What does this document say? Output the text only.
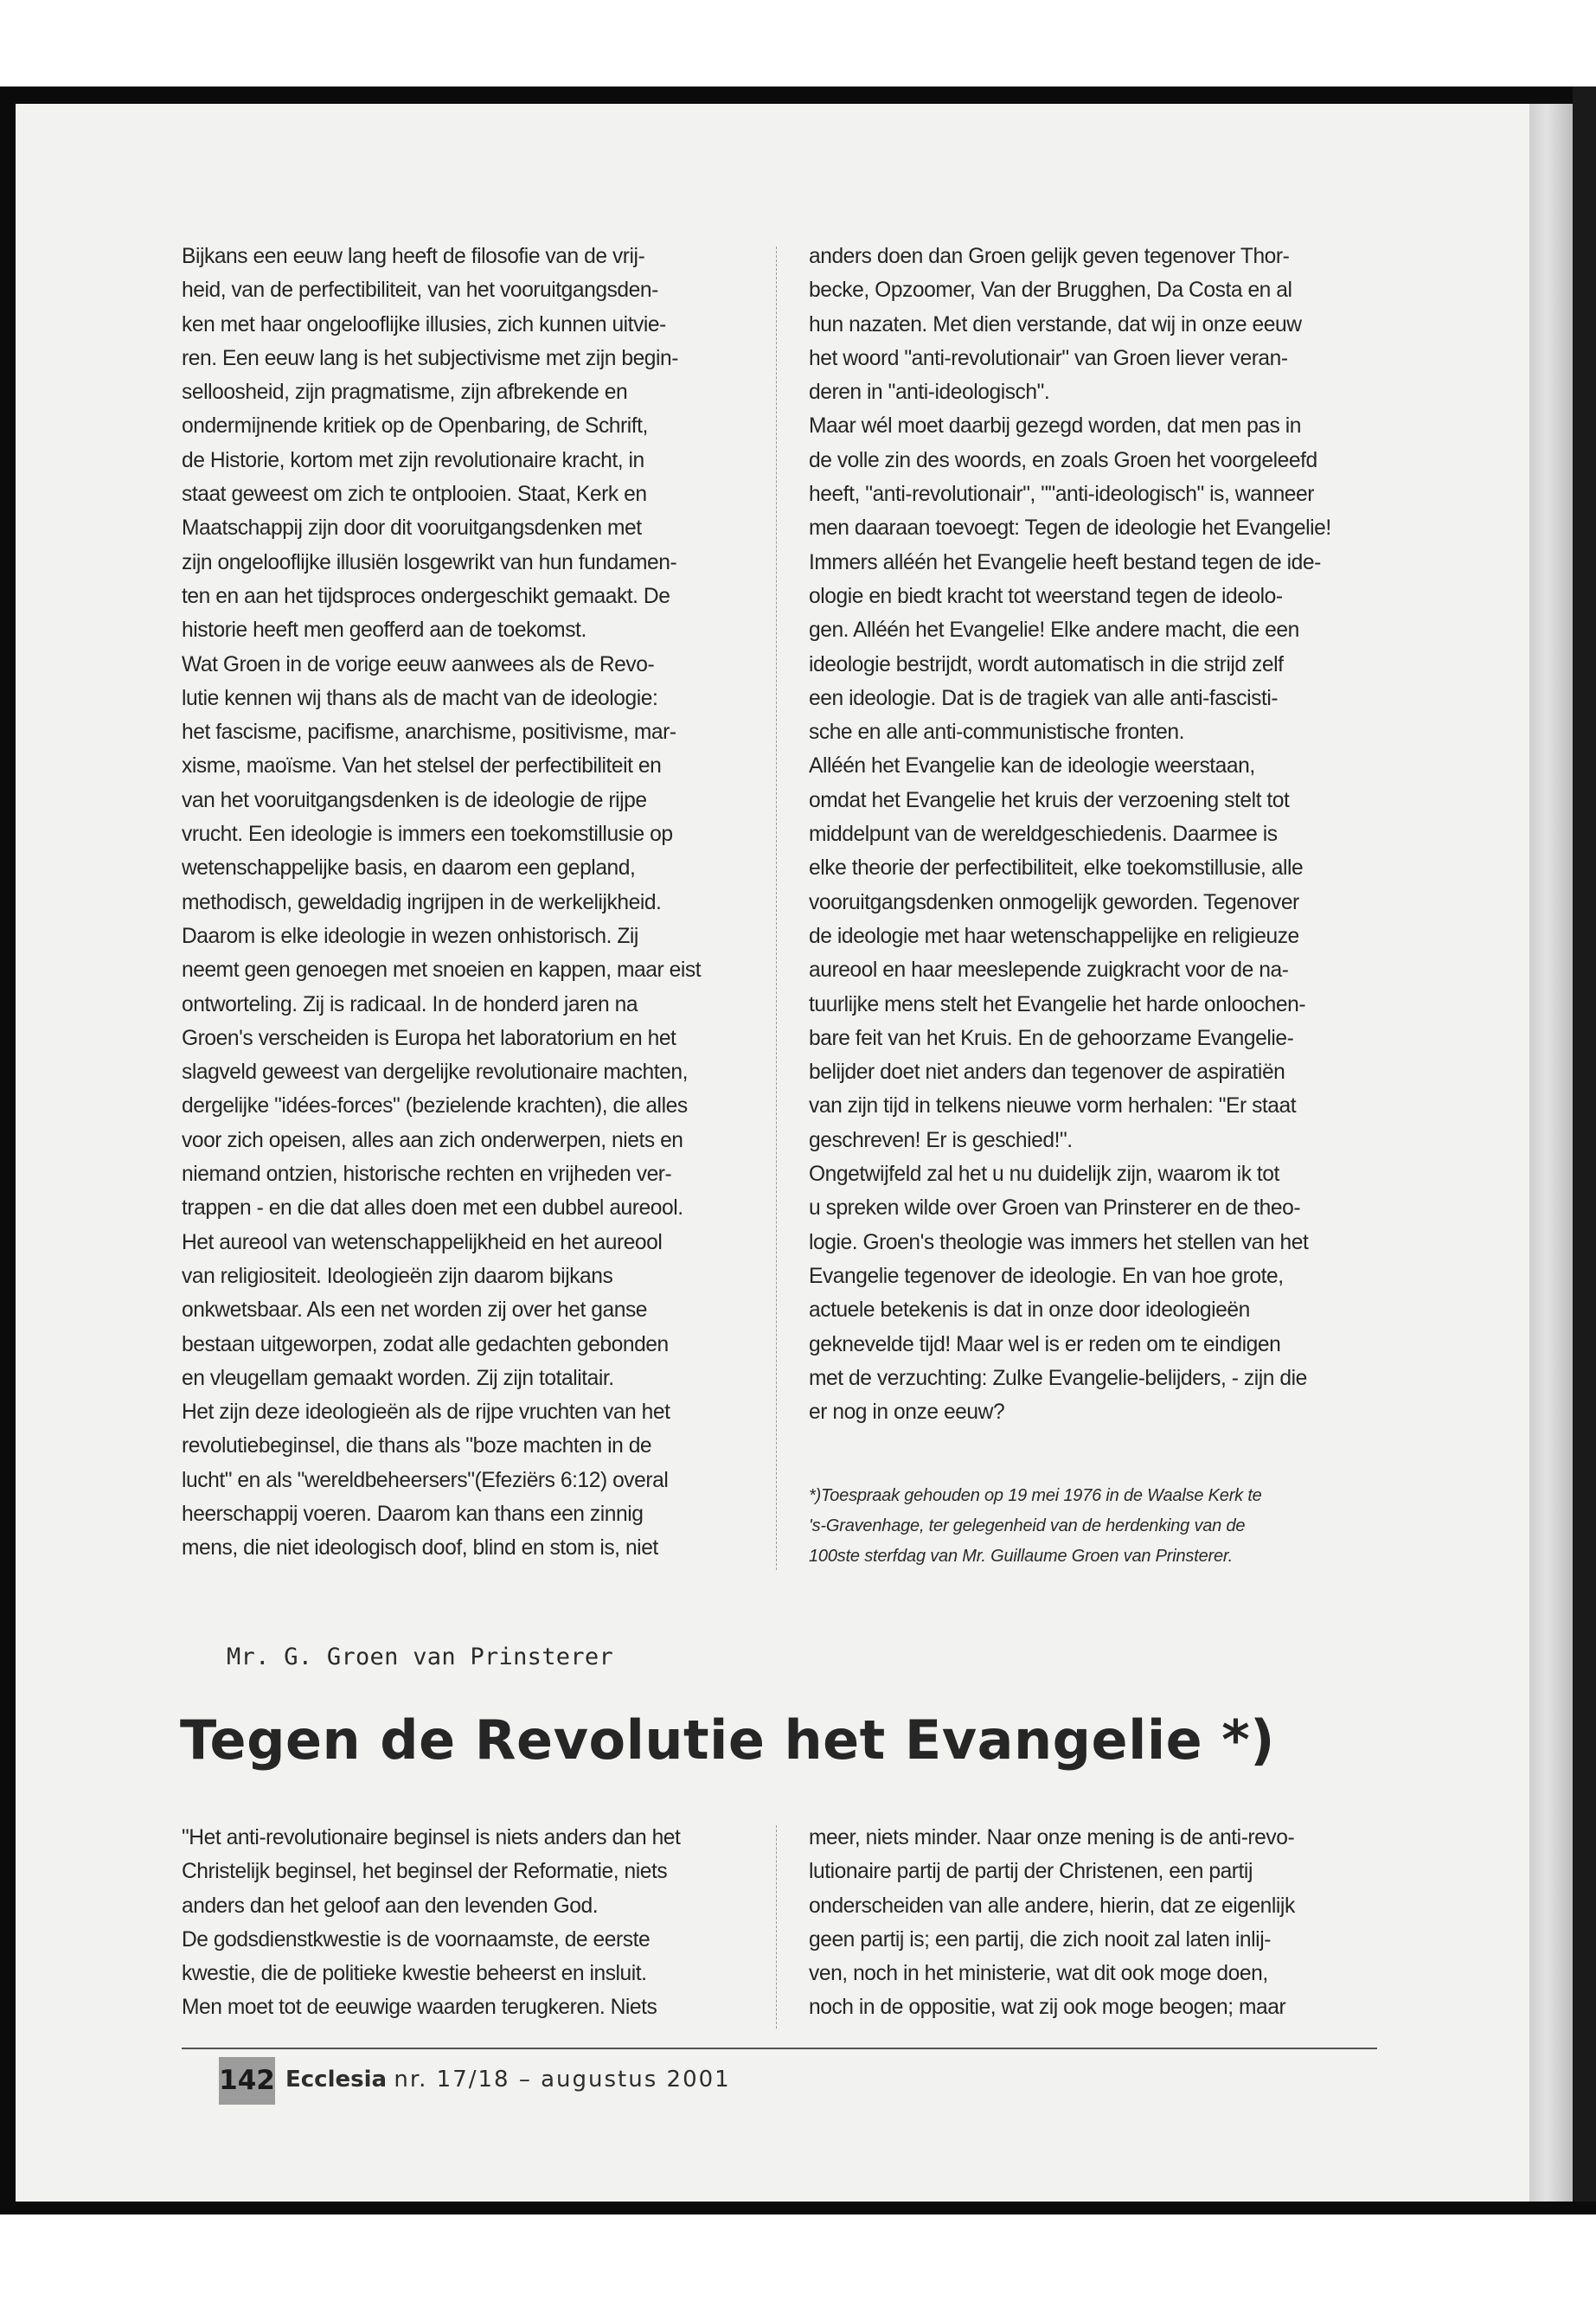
Bijkans een eeuw lang heeft de filosofie van de vrij-
heid, van de perfectibiliteit, van het vooruitgangsden-
ken met haar ongelooflijke illusies, zich kunnen uitvie-
ren. Een eeuw lang is het subjectivisme met zijn begin-
selloosheid, zijn pragmatisme, zijn afbrekende en
ondermijnende kritiek op de Openbaring, de Schrift,
de Historie, kortom met zijn revolutionaire kracht, in
staat geweest om zich te ontplooien. Staat, Kerk en
Maatschappij zijn door dit vooruitgangsdenken met
zijn ongelooflijke illusiën losgewrikt van hun fundamen-
ten en aan het tijdsproces ondergeschikt gemaakt. De
historie heeft men geofferd aan de toekomst.
Wat Groen in de vorige eeuw aanwees als de Revo-
lutie kennen wij thans als de macht van de ideologie:
het fascisme, pacifisme, anarchisme, positivisme, mar-
xisme, maoïsme. Van het stelsel der perfectibiliteit en
van het vooruitgangsdenken is de ideologie de rijpe
vrucht. Een ideologie is immers een toekomstillusie op
wetenschappelijke basis, en daarom een gepland,
methodisch, geweldadig ingrijpen in de werkelijkheid.
Daarom is elke ideologie in wezen onhistorisch. Zij
neemt geen genoegen met snoeien en kappen, maar eist
ontworteling. Zij is radicaal. In de honderd jaren na
Groen's verscheiden is Europa het laboratorium en het
slagveld geweest van dergelijke revolutionaire machten,
dergelijke "idées-forces" (bezielende krachten), die alles
voor zich opeisen, alles aan zich onderwerpen, niets en
niemand ontzien, historische rechten en vrijheden ver-
trappen - en die dat alles doen met een dubbel aureool.
Het aureool van wetenschappelijkheid en het aureool
van religiositeit. Ideologieën zijn daarom bijkans
onkwetsbaar. Als een net worden zij over het ganse
bestaan uitgeworpen, zodat alle gedachten gebonden
en vleugellam gemaakt worden. Zij zijn totalitair.
Het zijn deze ideologieën als de rijpe vruchten van het
revolutiebeginsel, die thans als "boze machten in de
lucht" en als "wereldbeheersers"(Efeziërs 6:12) overal
heerschappij voeren. Daarom kan thans een zinnig
mens, die niet ideologisch doof, blind en stom is, niet
anders doen dan Groen gelijk geven tegenover Thor-
becke, Opzoomer, Van der Brugghen, Da Costa en al
hun nazaten. Met dien verstande, dat wij in onze eeuw
het woord "anti-revolutionair" van Groen liever veran-
deren in "anti-ideologisch".
Maar wél moet daarbij gezegd worden, dat men pas in
de volle zin des woords, en zoals Groen het voorgeleefd
heeft, "anti-revolutionair", ""anti-ideologisch" is, wanneer
men daaraan toevoegt: Tegen de ideologie het Evangelie!
Immers alléén het Evangelie heeft bestand tegen de ide-
ologie en biedt kracht tot weerstand tegen de ideolo-
gen. Alléén het Evangelie! Elke andere macht, die een
ideologie bestrijdt, wordt automatisch in die strijd zelf
een ideologie. Dat is de tragiek van alle anti-fascisti-
sche en alle anti-communistische fronten.
Alléén het Evangelie kan de ideologie weerstaan,
omdat het Evangelie het kruis der verzoening stelt tot
middelpunt van de wereldgeschiedenis. Daarmee is
elke theorie der perfectibiliteit, elke toekomstillusie, alle
vooruitgangsdenken onmogelijk geworden. Tegenover
de ideologie met haar wetenschappelijke en religieuze
aureool en haar meeslepende zuigkracht voor de na-
tuurlijke mens stelt het Evangelie het harde onloochen-
bare feit van het Kruis. En de gehoorzame Evangelie-
belijder doet niet anders dan tegenover de aspiratiën
van zijn tijd in telkens nieuwe vorm herhalen: "Er staat
geschreven! Er is geschied!".
Ongetwijfeld zal het u nu duidelijk zijn, waarom ik tot
u spreken wilde over Groen van Prinsterer en de theo-
logie. Groen's theologie was immers het stellen van het
Evangelie tegenover de ideologie. En van hoe grote,
actuele betekenis is dat in onze door ideologieën
geknevelde tijd! Maar wel is er reden om te eindigen
met de verzuchting: Zulke Evangelie-belijders, - zijn die
er nog in onze eeuw?
*)Toespraak gehouden op 19 mei 1976 in de Waalse Kerk te
's-Gravenhage, ter gelegenheid van de herdenking van de
100ste sterfdag van Mr. Guillaume Groen van Prinsterer.
Mr. G. Groen van Prinsterer
Tegen de Revolutie het Evangelie *)
"Het anti-revolutionaire beginsel is niets anders dan het
Christelijk beginsel, het beginsel der Reformatie, niets
anders dan het geloof aan den levenden God.
De godsdienstkwestie is de voornaamste, de eerste
kwestie, die de politieke kwestie beheerst en insluit.
Men moet tot de eeuwige waarden terugkeren. Niets
meer, niets minder. Naar onze mening is de anti-revo-
lutionaire partij de partij der Christenen, een partij
onderscheiden van alle andere, hierin, dat ze eigenlijk
geen partij is; een partij, die zich nooit zal laten inlij-
ven, noch in het ministerie, wat dit ook moge doen,
noch in de oppositie, wat zij ook moge beogen; maar
142 Ecclesia nr. 17/18 – augustus 2001
